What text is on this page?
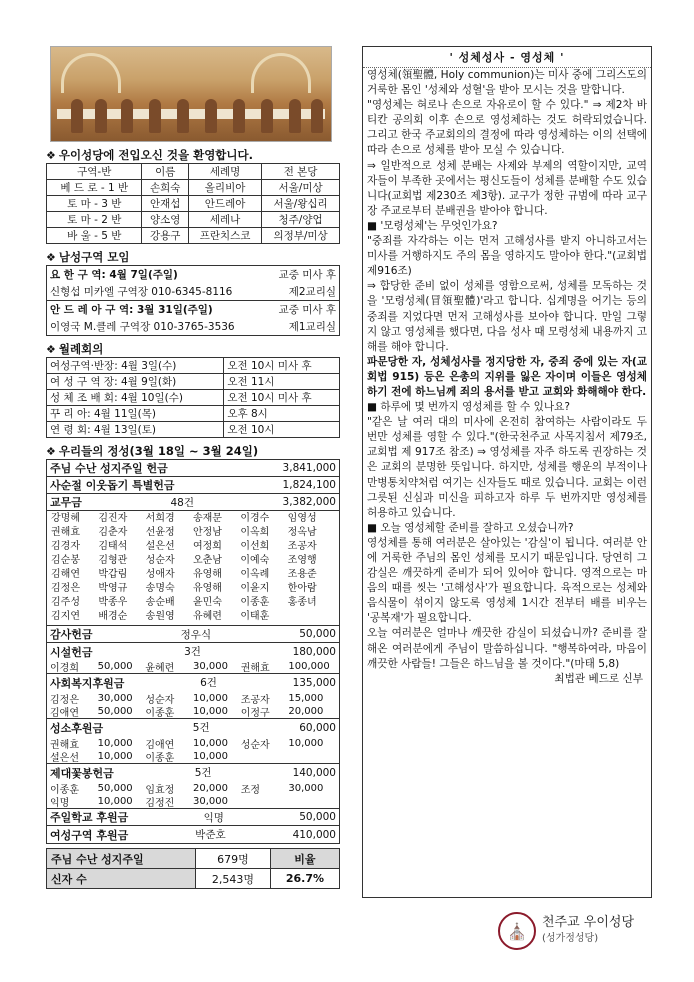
❖ 우이성당에 전입오신 것을 환영합니다.
구역-반	이름	세례명	전 본당
베 드 로 - 1 반	손희숙	올리비아	서울/미상
토 마 - 3 반	안재섭	안드레아	서울/왕십리
토 마 - 2 반	양소영	세레나	청주/양업
바 울 - 5 반	강용구	프란치스코	의정부/미상
❖ 남성구역 모임
요 한 구 역: 4월 7일(주일)	교중 미사 후
신형섭 미카엘 구역장 010-6345-8116	제2교리실
안 드 레 아 구 역: 3월 31일(주일)	교중 미사 후
이영국 M.클레 구역장 010-3765-3536	제1교리실
❖ 월례회의
여성구역·반장: 4월 3일(수)	오전 10시 미사 후
여 성 구 역 장: 4월 9일(화)	오전 11시
성 체 조 배 회: 4월 10일(수)	오전 10시 미사 후
꾸 리 아: 4월 11일(목)	오후 8시
연 령 회: 4월 13일(토)	오전 10시
❖ 우리들의 정성(3월 18일 ~ 3월 24일)
주님 수난 성지주일 헌금	3,841,000
사순절 이웃돕기 특별헌금	1,824,100
교무금	48건	3,382,000
강명혜	김진자	서희경	송재문	이경수	임영성
권해효	김춘자	선윤정	안정남	이옥희	정옥남
김경자	김태석	설은선	여정희	이선희	조공자
김순봉	김형관	성순자	오춘남	이예숙	조영행
김해연	박갑림	성애자	유영해	이옥례	조용준
김정은	박영규	송명숙	유영해	이윤지	한아람
김주성	박종우	송순배	윤민숙	이종훈	홍종녀
김지연	배경순	송원영	유혜련	이태훈
감사헌금	정우식	50,000
시설헌금	3건	180,000
이경희	50,000	윤혜련	30,000	권해효	100,000
사회복지후원금	6건	135,000
김정은	30,000	성순자	10,000	조공자	15,000
김애연	50,000	이종훈	10,000	이정구	20,000
성소후원금	5건	60,000
권해효	10,000	김애연	10,000	성순자	10,000
설은선	10,000	이종훈	10,000
제대꽃봉헌금	5건	140,000
이종훈	50,000	임효정	20,000	조정	30,000
익명	10,000	김정진	30,000
주일학교 후원금	익명	50,000
여성구역 후원금	박준호	410,000
주님 수난 성지주일	679명	비율
신자 수	2,543명	26.7%
' 성체성사 - 영성체 '

영성체(領聖體, Holy communion)는 미사 중에 그리스도의 거룩한 몸인 '성체와 성혈'을 받아 모시는 것을 말합니다.

"영성체는 혀로나 손으로 자유로이 할 수 있다." ⇒ 제2차 바티칸 공의회 이후 손으로 영성체하는 것도 허락되었습니다. 그리고 한국 주교회의의 결정에 따라 영성체하는 이의 선택에 따라 손으로 성체를 받아 모실 수 있습니다.

⇒ 일반적으로 성체 분배는 사제와 부제의 역할이지만, 교역자들이 부족한 곳에서는 평신도들이 성체를 분배할 수도 있습니다(교회법 제230조 제3항). 교구가 정한 규범에 따라 교구장 주교로부터 분배권을 받아야 합니다.

■ '모령성체'는 무엇인가요?

"중죄를 자각하는 이는 먼저 고해성사를 받지 아니하고서는 미사를 거행하지도 주의 몸을 영하지도 말아야 한다."(교회법 제916조)

⇒ 합당한 준비 없이 성체를 영함으로써, 성체를 모독하는 것을 '모령성체(冒領聖體)'라고 합니다. 십계명을 어기는 등의 중죄를 지었다면 먼저 고해성사를 보아야 합니다. 만일 그렇지 않고 영성체를 했다면, 다음 성사 때 모령성체 내용까지 고해를 해야 합니다.

파문당한 자, 성체성사를 정지당한 자, 중죄 중에 있는 자(교회법 915) 등은 은총의 지위를 잃은 자이며 이들은 영성체하기 전에 하느님께 죄의 용서를 받고 교회와 화해해야 한다.

■ 하루에 몇 번까지 영성체를 할 수 있나요?

"같은 날 여러 대의 미사에 온전히 참여하는 사람이라도 두 번만 성체를 영할 수 있다."(한국천주교 사목지침서 제79조, 교회법 제 917조 참조) ⇒ 영성체를 자주 하도록 권장하는 것은 교회의 분명한 뜻입니다. 하지만, 성체를 행운의 부적이나 만병통치약처럼 여기는 신자들도 때로 있습니다. 교회는 이런 그릇된 신심과 미신을 피하고자 하루 두 번까지만 영성체를 허용하고 있습니다.

■ 오늘 영성체할 준비를 잘하고 오셨습니까?

영성체를 통해 여러분은 살아있는 '감실'이 됩니다. 여러분 안에 거룩한 주님의 몸인 성체를 모시기 때문입니다. 당연히 그 감실은 깨끗하게 준비가 되어 있어야 합니다. 영적으로는 마음의 때를 씻는 '고해성사'가 필요합니다. 육적으로는 성체와 음식물이 섞이지 않도록 영성체 1시간 전부터 배를 비우는 '공복재'가 필요합니다.

오늘 여러분은 얼마나 깨끗한 감실이 되셨습니까? 준비를 잘해온 여러분에게 주님이 말씀하십니다. "행복하여라, 마음이 깨끗한 사람들! 그들은 하느님을 볼 것이다."(마태 5,8)

최법관 베드로 신부

⛪	천주교 우이성당
(성가정성당)
